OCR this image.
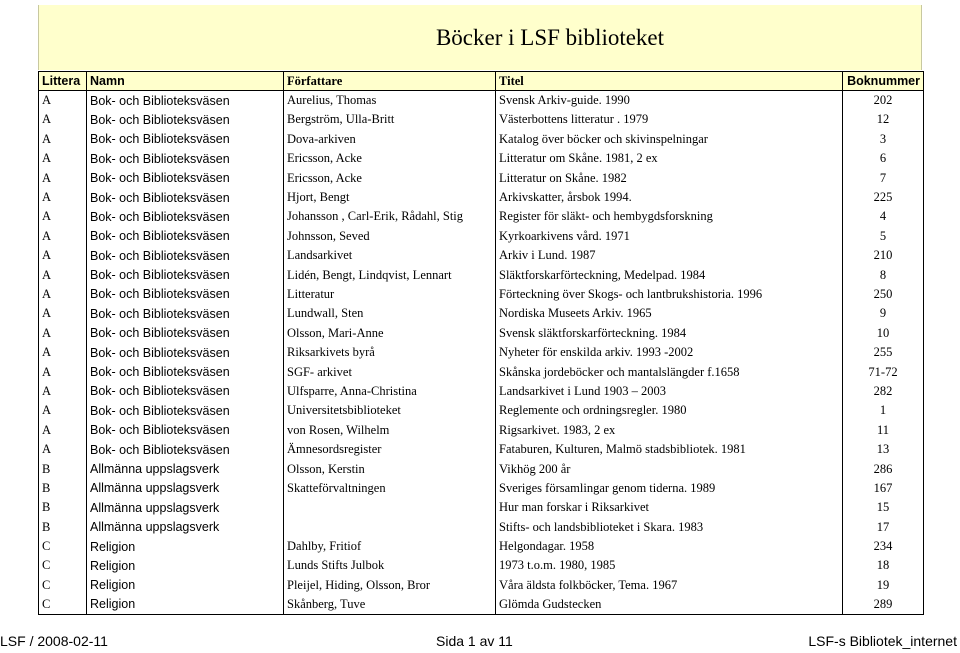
Böcker i LSF biblioteket
Littera	Namn	Författare	Titel	Boknummer
A	Bok- och Biblioteksväsen	Aurelius, Thomas	Svensk Arkiv-guide. 1990	202
A	Bok- och Biblioteksväsen	Bergström, Ulla-Britt	Västerbottens litteratur . 1979	12
A	Bok- och Biblioteksväsen	Dova-arkiven	Katalog över böcker och skivinspelningar	3
A	Bok- och Biblioteksväsen	Ericsson, Acke	Litteratur om Skåne. 1981, 2 ex	6
A	Bok- och Biblioteksväsen	Ericsson, Acke	Litteratur on Skåne. 1982	7
A	Bok- och Biblioteksväsen	Hjort, Bengt	Arkivskatter, årsbok 1994.	225
A	Bok- och Biblioteksväsen	Johansson , Carl-Erik, Rådahl, Stig	Register för släkt- och hembygdsforskning	4
A	Bok- och Biblioteksväsen	Johnsson, Seved	Kyrkoarkivens vård. 1971	5
A	Bok- och Biblioteksväsen	Landsarkivet	Arkiv i Lund. 1987	210
A	Bok- och Biblioteksväsen	Lidén, Bengt, Lindqvist, Lennart	Släktforskarförteckning, Medelpad. 1984	8
A	Bok- och Biblioteksväsen	Litteratur	Förteckning över Skogs- och lantbrukshistoria. 1996	250
A	Bok- och Biblioteksväsen	Lundwall, Sten	Nordiska Museets Arkiv. 1965	9
A	Bok- och Biblioteksväsen	Olsson, Mari-Anne	Svensk släktforskarförteckning. 1984	10
A	Bok- och Biblioteksväsen	Riksarkivets byrå	Nyheter för enskilda arkiv. 1993 -2002	255
A	Bok- och Biblioteksväsen	SGF- arkivet	Skånska jordeböcker och mantalslängder f.1658	71-72
A	Bok- och Biblioteksväsen	Ulfsparre, Anna-Christina	Landsarkivet i Lund 1903 – 2003	282
A	Bok- och Biblioteksväsen	Universitetsbiblioteket	Reglemente och ordningsregler. 1980	1
A	Bok- och Biblioteksväsen	von Rosen, Wilhelm	Rigsarkivet. 1983, 2 ex	11
A	Bok- och Biblioteksväsen	Ämnesordsregister	Fataburen, Kulturen, Malmö stadsbibliotek. 1981	13
B	Allmänna uppslagsverk	Olsson, Kerstin	Vikhög 200 år	286
B	Allmänna uppslagsverk	Skatteförvaltningen	Sveriges församlingar genom tiderna. 1989	167
B	Allmänna uppslagsverk		Hur man forskar i Riksarkivet	15
B	Allmänna uppslagsverk		Stifts- och landsbiblioteket i Skara. 1983	17
C	Religion	Dahlby, Fritiof	Helgondagar. 1958	234
C	Religion	Lunds Stifts Julbok	1973 t.o.m. 1980, 1985	18
C	Religion	Pleijel, Hiding, Olsson, Bror	Våra äldsta folkböcker, Tema. 1967	19
C	Religion	Skånberg, Tuve	Glömda Gudstecken	289
LSF / 2008-02-11	Sida 1 av 11	LSF-s Bibliotek_internet
